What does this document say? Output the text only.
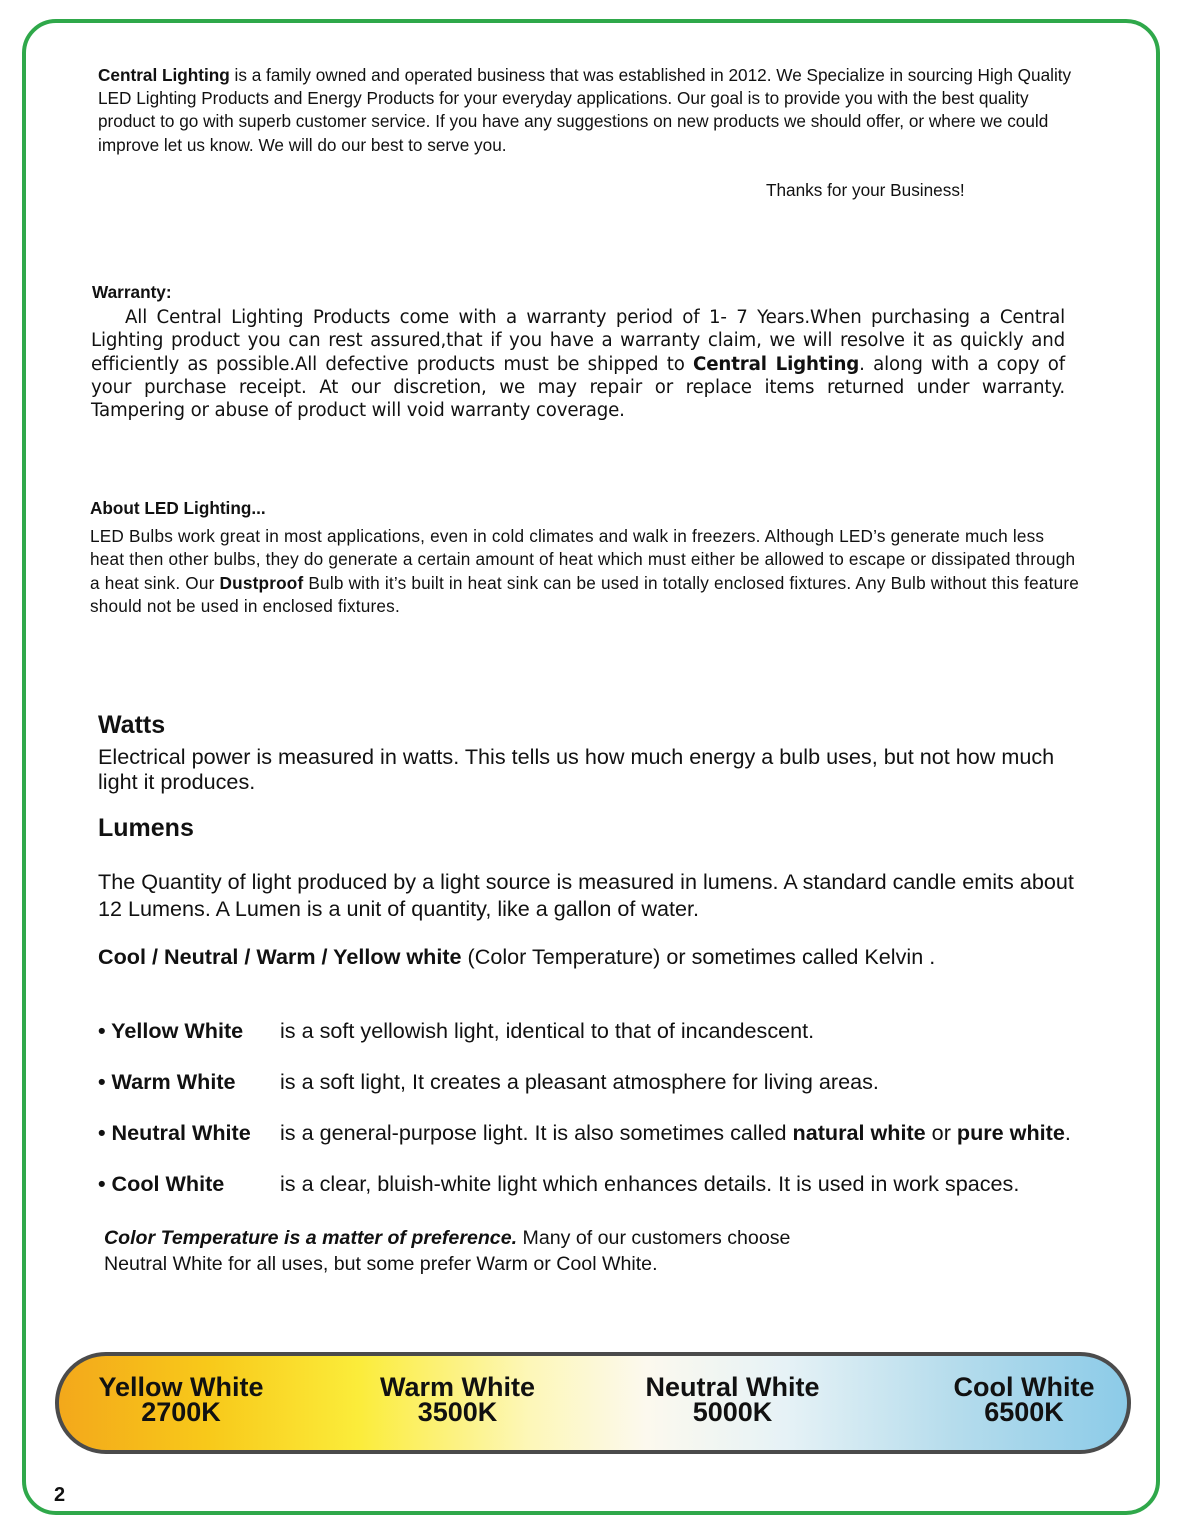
Central Lighting is a family owned and operated business that was established in 2012. We Specialize in sourcing High Quality LED Lighting Products and Energy Products for your everyday applications. Our goal is to provide you with the best quality product to go with superb customer service. If you have any suggestions on new products we should offer, or where we could improve let us know. We will do our best to serve you.

Thanks for your Business!

Warranty:

All Central Lighting Products come with a warranty period of 1- 7 Years.When purchasing a Central Lighting product you can rest assured,that if you have a warranty claim, we will resolve it as quickly and efficiently as possible.All defective products must be shipped to Central Lighting. along with a copy of your purchase receipt. At our discretion, we may repair or replace items returned under warranty. Tampering or abuse of product will void warranty coverage.

About LED Lighting...

LED Bulbs work great in most applications, even in cold climates and walk in freezers. Although LED’s generate much less heat then other bulbs, they do generate a certain amount of heat which must either be allowed to escape or dissipated through a heat sink. Our Dustproof Bulb with it’s built in heat sink can be used in totally enclosed fixtures. Any Bulb without this feature should not be used in enclosed fixtures.

Watts

Electrical power is measured in watts. This tells us how much energy a bulb uses, but not how much light it produces.

Lumens

The Quantity of light produced by a light source is measured in lumens. A standard candle emits about 12 Lumens. A Lumen is a unit of quantity, like a gallon of water.

Cool / Neutral / Warm / Yellow white (Color Temperature) or sometimes called Kelvin .

• Yellow White is a soft yellowish light, identical to that of incandescent.

• Warm White is a soft light, It creates a pleasant atmosphere for living areas.

• Neutral White is a general-purpose light. It is also sometimes called natural white or pure white.

• Cool White	is a clear, bluish-white light which enhances details. It is used in work spaces.

Color Temperature is a matter of preference. Many of our customers choose
Neutral White for all uses, but some prefer Warm or Cool White.

Yellow White
2700K
Warm White
3500K
Neutral White
5000K
Cool White
6500K

2
